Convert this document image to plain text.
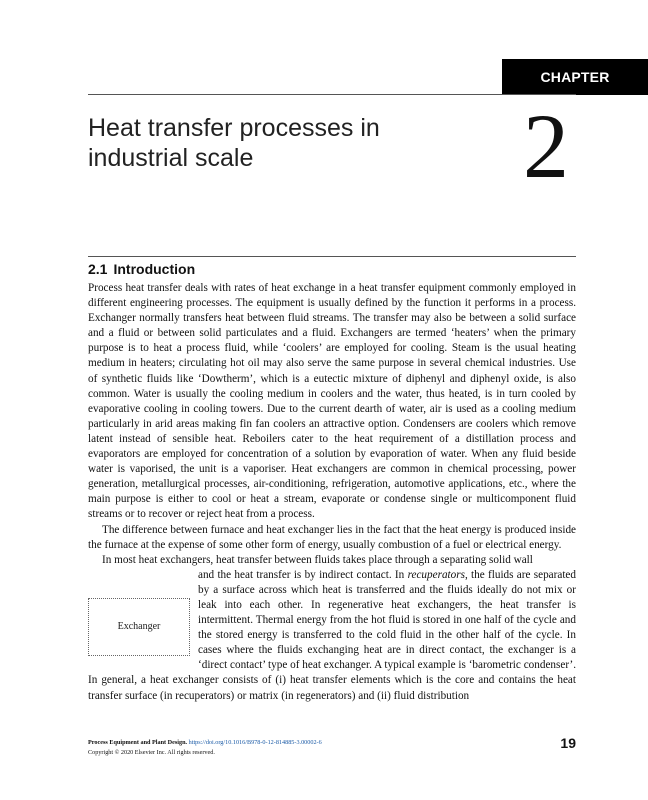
CHAPTER
Heat transfer processes in industrial scale	2
2.1 Introduction

Process heat transfer deals with rates of heat exchange in a heat transfer equipment commonly employed in different engineering processes. The equipment is usually defined by the function it performs in a process. Exchanger normally transfers heat between fluid streams. The transfer may also be between a solid surface and a fluid or between solid particulates and a fluid. Exchangers are termed ‘heaters’ when the primary purpose is to heat a process fluid, while ‘coolers’ are employed for cooling. Steam is the usual heating medium in heaters; circulating hot oil may also serve the same purpose in several chemical industries. Use of synthetic fluids like ‘Dowtherm’, which is a eutectic mixture of diphenyl and diphenyl oxide, is also common. Water is usually the cooling medium in coolers and the water, thus heated, is in turn cooled by evaporative cooling in cooling towers. Due to the current dearth of water, air is used as a cooling medium particularly in arid areas making fin fan coolers an attractive option. Condensers are coolers which remove latent instead of sensible heat. Reboilers cater to the heat requirement of a distillation process and evaporators are employed for concentration of a solution by evaporation of water. When any fluid beside water is vaporised, the unit is a vaporiser. Heat exchangers are common in chemical processing, power generation, metallurgical processes, air-conditioning, refrigeration, automotive applications, etc., where the main purpose is either to cool or heat a stream, evaporate or condense single or multicomponent fluid streams or to recover or reject heat from a process.

The difference between furnace and heat exchanger lies in the fact that the heat energy is produced inside the furnace at the expense of some other form of energy, usually combustion of a fuel or electrical energy.

In most heat exchangers, heat transfer between fluids takes place through a separating solid wall

Exchanger

and the heat transfer is by indirect contact. In recuperators, the fluids are separated by a surface across which heat is transferred and the fluids ideally do not mix or leak into each other. In regenerative heat exchangers, the heat transfer is intermittent. Thermal energy from the hot fluid is stored in one half of the cycle and the stored energy is transferred to the cold fluid in the other half of the cycle. In cases where the fluids exchanging heat are in direct contact, the exchanger is a ‘direct contact’ type of heat exchanger. A typical example is ‘barometric condenser’. In general, a heat exchanger consists of (i) heat transfer elements which is the core and contains the heat transfer surface (in recuperators) or matrix (in regenerators) and (ii) fluid distribution

Process Equipment and Plant Design. https://doi.org/10.1016/B978-0-12-814885-3.00002-6
Copyright © 2020 Elsevier Inc. All rights reserved.
19
